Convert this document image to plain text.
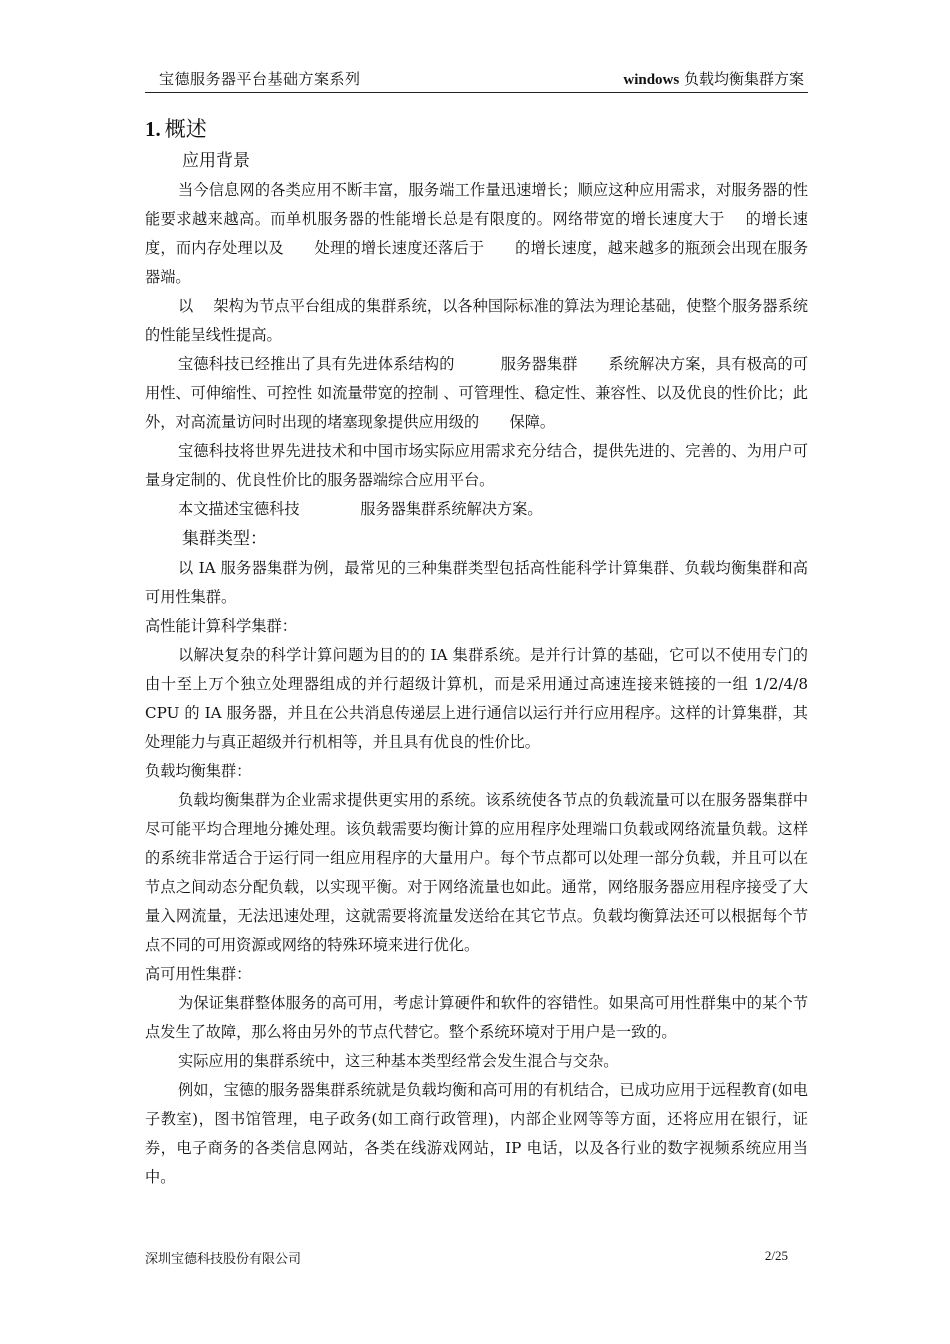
宝德服务器平台基础方案系列	windows 负载均衡集群方案
1. 概述
应用背景

当今信息网的各类应用不断丰富，服务端工作量迅速增长；顺应这种应用需求，对服务器的性能要求越来越高。而单机服务器的性能增长总是有限度的。网络带宽的增长速度大于 　的增长速度，而内存处理以及　　处理的增长速度还落后于　　的增长速度，越来越多的瓶颈会出现在服务器端。

以　 架构为节点平台组成的集群系统，以各种国际标准的算法为理论基础，使整个服务器系统的性能呈线性提高。

宝德科技已经推出了具有先进体系结构的　　　服务器集群　　系统解决方案，具有极高的可用性、可伸缩性、可控性 如流量带宽的控制 、可管理性、稳定性、兼容性、以及优良的性价比；此外，对高流量访问时出现的堵塞现象提供应用级的　　保障。

宝德科技将世界先进技术和中国市场实际应用需求充分结合，提供先进的、完善的、为用户可量身定制的、优良性价比的服务器端综合应用平台。

本文描述宝德科技　　　　服务器集群系统解决方案。

集群类型：

以 IA 服务器集群为例，最常见的三种集群类型包括高性能科学计算集群、负载均衡集群和高可用性集群。

高性能计算科学集群：

以解决复杂的科学计算问题为目的的 IA 集群系统。是并行计算的基础，它可以不使用专门的由十至上万个独立处理器组成的并行超级计算机，而是采用通过高速连接来链接的一组 1/2/4/8 CPU 的 IA 服务器，并且在公共消息传递层上进行通信以运行并行应用程序。这样的计算集群，其处理能力与真正超级并行机相等，并且具有优良的性价比。

负载均衡集群：

负载均衡集群为企业需求提供更实用的系统。该系统使各节点的负载流量可以在服务器集群中尽可能平均合理地分摊处理。该负载需要均衡计算的应用程序处理端口负载或网络流量负载。这样的系统非常适合于运行同一组应用程序的大量用户。每个节点都可以处理一部分负载，并且可以在节点之间动态分配负载，以实现平衡。对于网络流量也如此。通常，网络服务器应用程序接受了大量入网流量，无法迅速处理，这就需要将流量发送给在其它节点。负载均衡算法还可以根据每个节点不同的可用资源或网络的特殊环境来进行优化。

高可用性集群：

为保证集群整体服务的高可用，考虑计算硬件和软件的容错性。如果高可用性群集中的某个节点发生了故障，那么将由另外的节点代替它。整个系统环境对于用户是一致的。

实际应用的集群系统中，这三种基本类型经常会发生混合与交杂。

例如，宝德的服务器集群系统就是负载均衡和高可用的有机结合，已成功应用于远程教育(如电子教室)，图书馆管理，电子政务(如工商行政管理)，内部企业网等等方面，还将应用在银行，证券，电子商务的各类信息网站，各类在线游戏网站，IP 电话，以及各行业的数字视频系统应用当中。

深圳宝德科技股份有限公司	2/25
